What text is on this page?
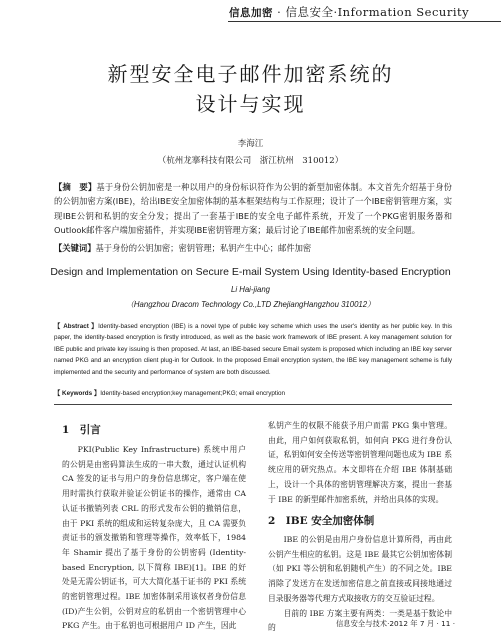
信息加密 · 信息安全·Information Security
新型安全电子邮件加密系统的
设计与实现
李海江
（杭州龙搴科技有限公司　浙江杭州　310012）
【摘　要】基于身份公钥加密是一种以用户的身份标识符作为公钥的新型加密体制。本文首先介绍基于身份的公钥加密方案(IBE)，给出IBE安全加密体制的基本框架结构与工作原理；设计了一个IBE密钥管理方案，实现IBE公钥和私钥的安全分发；提出了一套基于IBE的安全电子邮件系统，开发了一个PKG密钥服务器和Outlook邮件客户端加密插件，并实现IBE密钥管理方案；最后讨论了IBE邮件加密系统的安全问题。
【关键词】基于身份的公钥加密；密钥管理；私钥产生中心；邮件加密
Design and Implementation on Secure E-mail System Using Identity-based Encryption
Li Hai-jiang
（Hangzhou Dracom Technology Co.,LTD ZhejiangHangzhou 310012）
【 Abstract 】Identity-based encryption (IBE) is a novel type of public key scheme which uses the user's identity as her public key. In this paper, the identity-based encryption is firstly introduced, as well as the basic work framework of IBE present. A key management solution for IBE public and private key issuing is then proposed. At last, an IBE-based secure Email system is proposed which including an IBE key server named PKG and an encryption client plug-in for Outlook. In the proposed Email encryption system, the IBE key management scheme is fully implemented and the security and performance of system are both discussed.
【 Keywords 】Identity-based encryption;key management;PKG; email encryption
1　引言

PKI(Public Key Infrastructure) 系统中用户的公钥是由密码算法生成的一串大数，通过认证机构 CA 签发的证书与用户的身份信息绑定，客户端在使用时需执行获取并验证公钥证书的操作，通常由 CA 认证书撤销列表 CRL 的形式发布公钥的撤销信息，由于 PKI 系统的组成和运转复杂庞大，且 CA 需要负责证书的颁发撤销和管理等操作，效率低下，1984 年 Shamir 提出了基于身份的公钥密码 (Identity-based Encryption, 以下简称 IBE)[1]。IBE 的好处是无需公钥证书，可大大简化基于证书的 PKI 系统的密钥管理过程。IBE 加密体制采用该权者身份信息(ID)产生公钥，公钥对应的私钥由一个密钥管理中心 PKG 产生。由于私钥也可根据用户 ID 产生，因此

私钥产生的权限不能获予用户而需 PKG 集中管理。由此，用户如何获取私钥，如何向 PKG 进行身份认证，私钥如何安全传送等密钥管理问题也成为 IBE 系统应用的研究热点。本文即将在介绍 IBE 体制基础上，设计一个具体的密钥管理解决方案，提出一套基于 IBE 的新型邮件加密系统，并给出具体的实现。

2　IBE 安全加密体制

IBE 的公钥是由用户身份信息计算所得，再由此公钥产生相应的私钥。这是 IBE 最其它公钥加密体制（如 PKI 等公钥和私钥随机产生）的不同之处。IBE 消除了发送方在发送加密信息之前直接或间接地通过目录服务器等代理方式取接收方的交互验证过程。

目前的 IBE 方案主要有两类：一类是基于数论中的	信息安全与技术·2012 年 7 月 · 11 ·
